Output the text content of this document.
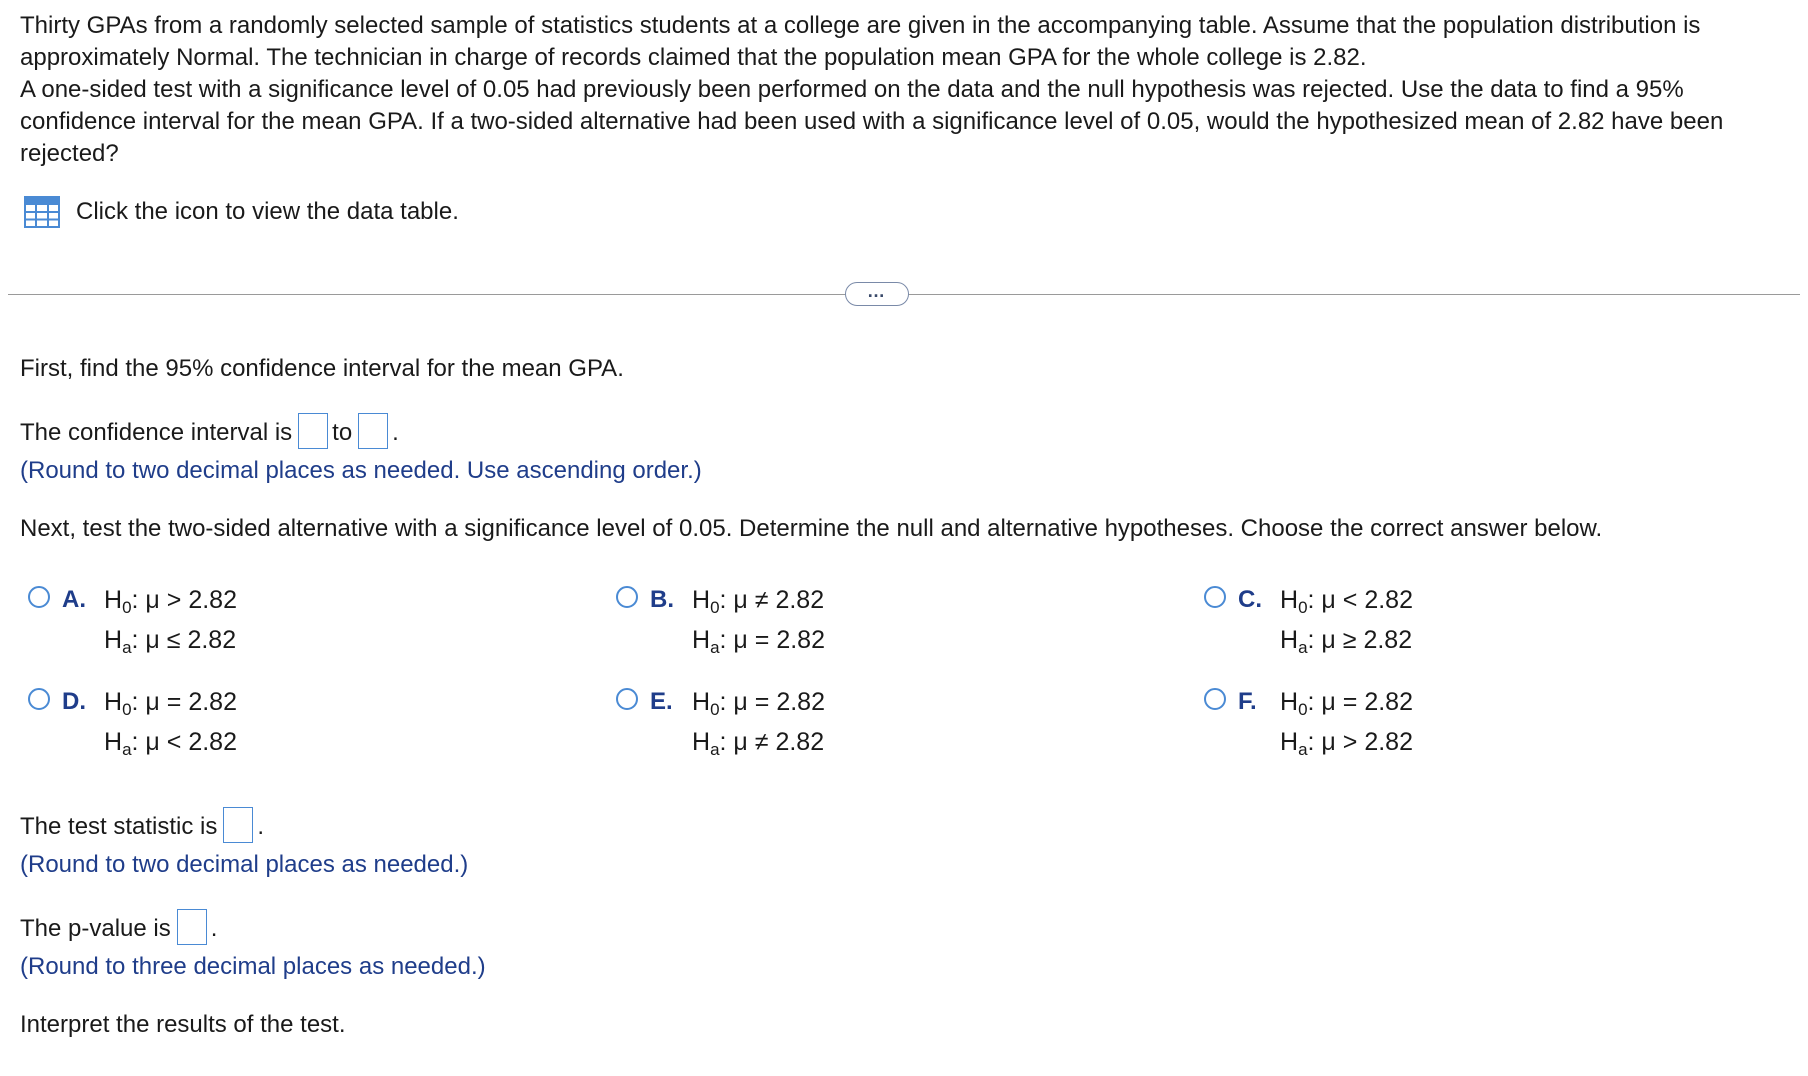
Thirty GPAs from a randomly selected sample of statistics students at a college are given in the accompanying table. Assume that the population distribution is approximately Normal. The technician in charge of records claimed that the population mean GPA for the whole college is 2.82.

A one-sided test with a significance level of 0.05 had previously been performed on the data and the null hypothesis was rejected. Use the data to find a 95% confidence interval for the mean GPA. If a two-sided alternative had been used with a significance level of 0.05, would the hypothesized mean of 2.82 have been rejected?

Click the icon to view the data table.
…
First, find the 95% confidence interval for the mean GPA.
The confidence interval is to .
(Round to two decimal places as needed. Use ascending order.)
Next, test the two-sided alternative with a significance level of 0.05. Determine the null and alternative hypotheses. Choose the correct answer below.
A. $H_0$: μ > 2.82
$H_a$: μ ≤ 2.82
B. $H_0$: μ ≠ 2.82
$H_a$: μ = 2.82
C. $H_0$: μ < 2.82
$H_a$: μ ≥ 2.82
D. $H_0$: μ = 2.82
$H_a$: μ < 2.82
E. $H_0$: μ = 2.82
$H_a$: μ ≠ 2.82
F. $H_0$: μ = 2.82
$H_a$: μ > 2.82
The test statistic is .
(Round to two decimal places as needed.)
The p-value is .
(Round to three decimal places as needed.)
Interpret the results of the test.
